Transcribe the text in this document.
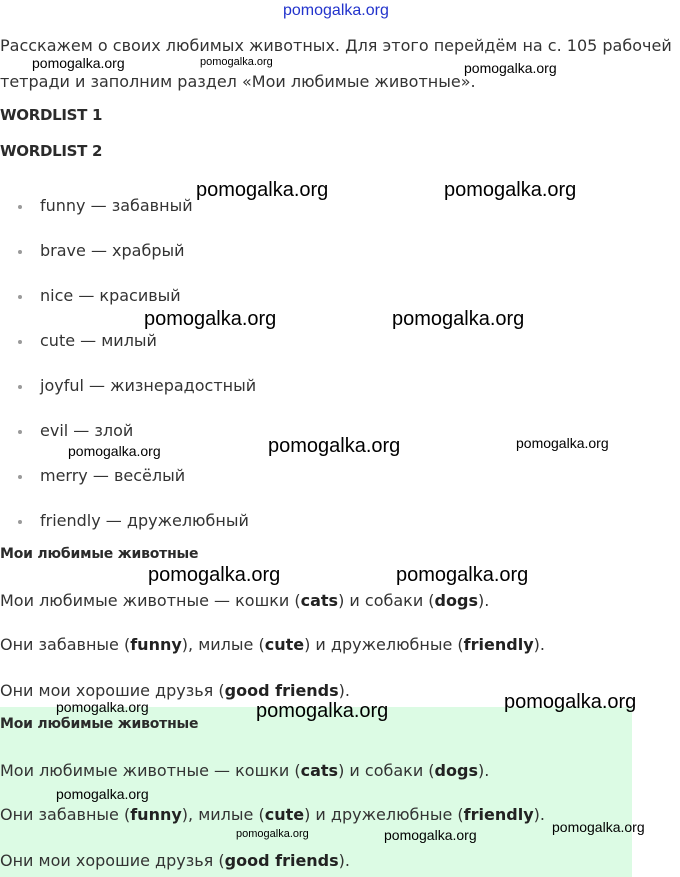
pomogalka.org
Расскажем о своих любимых животных. Для этого перейдём на с. 105 рабочей
тетради и заполним раздел «Мои любимые животные».
WORDLIST 1
WORDLIST 2
funny — забавный
brave — храбрый
nice — красивый
cute — милый
joyful — жизнерадостный
evil — злой
merry — весёлый
friendly — дружелюбный
Мои любимые животные
Мои любимые животные — кошки (cats) и собаки (dogs).
Они забавные (funny), милые (cute) и дружелюбные (friendly).
Они мои хорошие друзья (good friends).
Мои любимые животные
Мои любимые животные — кошки (cats) и собаки (dogs).
Они забавные (funny), милые (cute) и дружелюбные (friendly).
Они мои хорошие друзья (good friends).
pomogalka.org	pomogalka.org	pomogalka.org
pomogalka.org	pomogalka.org
pomogalka.org	pomogalka.org
pomogalka.org	pomogalka.org	pomogalka.org
pomogalka.org	pomogalka.org
pomogalka.org	pomogalka.org	pomogalka.org
pomogalka.org
pomogalka.org	pomogalka.org	pomogalka.org
